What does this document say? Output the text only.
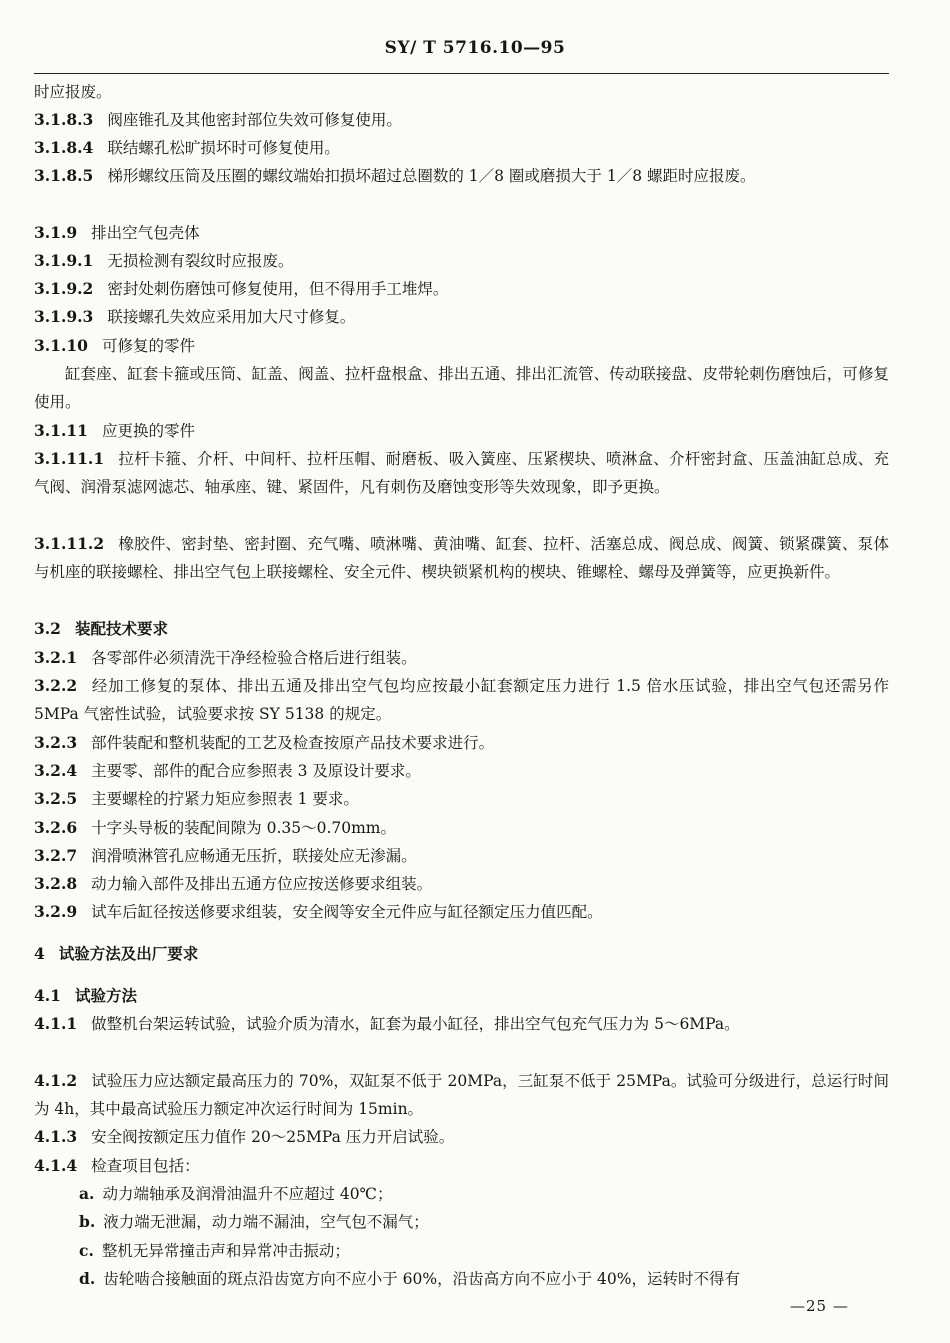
SY/ T 5716.10—95
时应报废。
3.1.8.3 阀座锥孔及其他密封部位失效可修复使用。
3.1.8.4 联结螺孔松旷损坏时可修复使用。
3.1.8.5 梯形螺纹压筒及压圈的螺纹端始扣损坏超过总圈数的 1／8 圈或磨损大于 1／8 螺距时应报废。
3.1.9 排出空气包壳体
3.1.9.1 无损检测有裂纹时应报废。
3.1.9.2 密封处刺伤磨蚀可修复使用，但不得用手工堆焊。
3.1.9.3 联接螺孔失效应采用加大尺寸修复。
3.1.10 可修复的零件
缸套座、缸套卡箍或压筒、缸盖、阀盖、拉杆盘根盒、排出五通、排出汇流管、传动联接盘、皮带轮刺伤磨蚀后，可修复使用。
3.1.11 应更换的零件
3.1.11.1 拉杆卡箍、介杆、中间杆、拉杆压帽、耐磨板、吸入簧座、压紧楔块、喷淋盒、介杆密封盒、压盖油缸总成、充气阀、润滑泵滤网滤芯、轴承座、键、紧固件，凡有刺伤及磨蚀变形等失效现象，即予更换。
3.1.11.2 橡胶件、密封垫、密封圈、充气嘴、喷淋嘴、黄油嘴、缸套、拉杆、活塞总成、阀总成、阀簧、锁紧碟簧、泵体与机座的联接螺栓、排出空气包上联接螺栓、安全元件、楔块锁紧机构的楔块、锥螺栓、螺母及弹簧等，应更换新件。
3.2 装配技术要求
3.2.1 各零部件必须清洗干净经检验合格后进行组装。
3.2.2 经加工修复的泵体、排出五通及排出空气包均应按最小缸套额定压力进行 1.5 倍水压试验，排出空气包还需另作 5MPa 气密性试验，试验要求按 SY 5138 的规定。
3.2.3 部件装配和整机装配的工艺及检查按原产品技术要求进行。
3.2.4 主要零、部件的配合应参照表 3 及原设计要求。
3.2.5 主要螺栓的拧紧力矩应参照表 1 要求。
3.2.6 十字头导板的装配间隙为 0.35～0.70mm。
3.2.7 润滑喷淋管孔应畅通无压折，联接处应无渗漏。
3.2.8 动力输入部件及排出五通方位应按送修要求组装。
3.2.9 试车后缸径按送修要求组装，安全阀等安全元件应与缸径额定压力值匹配。
4 试验方法及出厂要求
4.1 试验方法
4.1.1 做整机台架运转试验，试验介质为清水，缸套为最小缸径，排出空气包充气压力为 5～6MPa。
4.1.2 试验压力应达额定最高压力的 70%，双缸泵不低于 20MPa，三缸泵不低于 25MPa。试验可分级进行，总运行时间为 4h，其中最高试验压力额定冲次运行时间为 15min。
4.1.3 安全阀按额定压力值作 20～25MPa 压力开启试验。
4.1.4 检查项目包括：
a. 动力端轴承及润滑油温升不应超过 40℃；
b. 液力端无泄漏，动力端不漏油，空气包不漏气；
c. 整机无异常撞击声和异常冲击振动；
d. 齿轮啮合接触面的斑点沿齿宽方向不应小于 60%，沿齿高方向不应小于 40%，运转时不得有
—25 —
